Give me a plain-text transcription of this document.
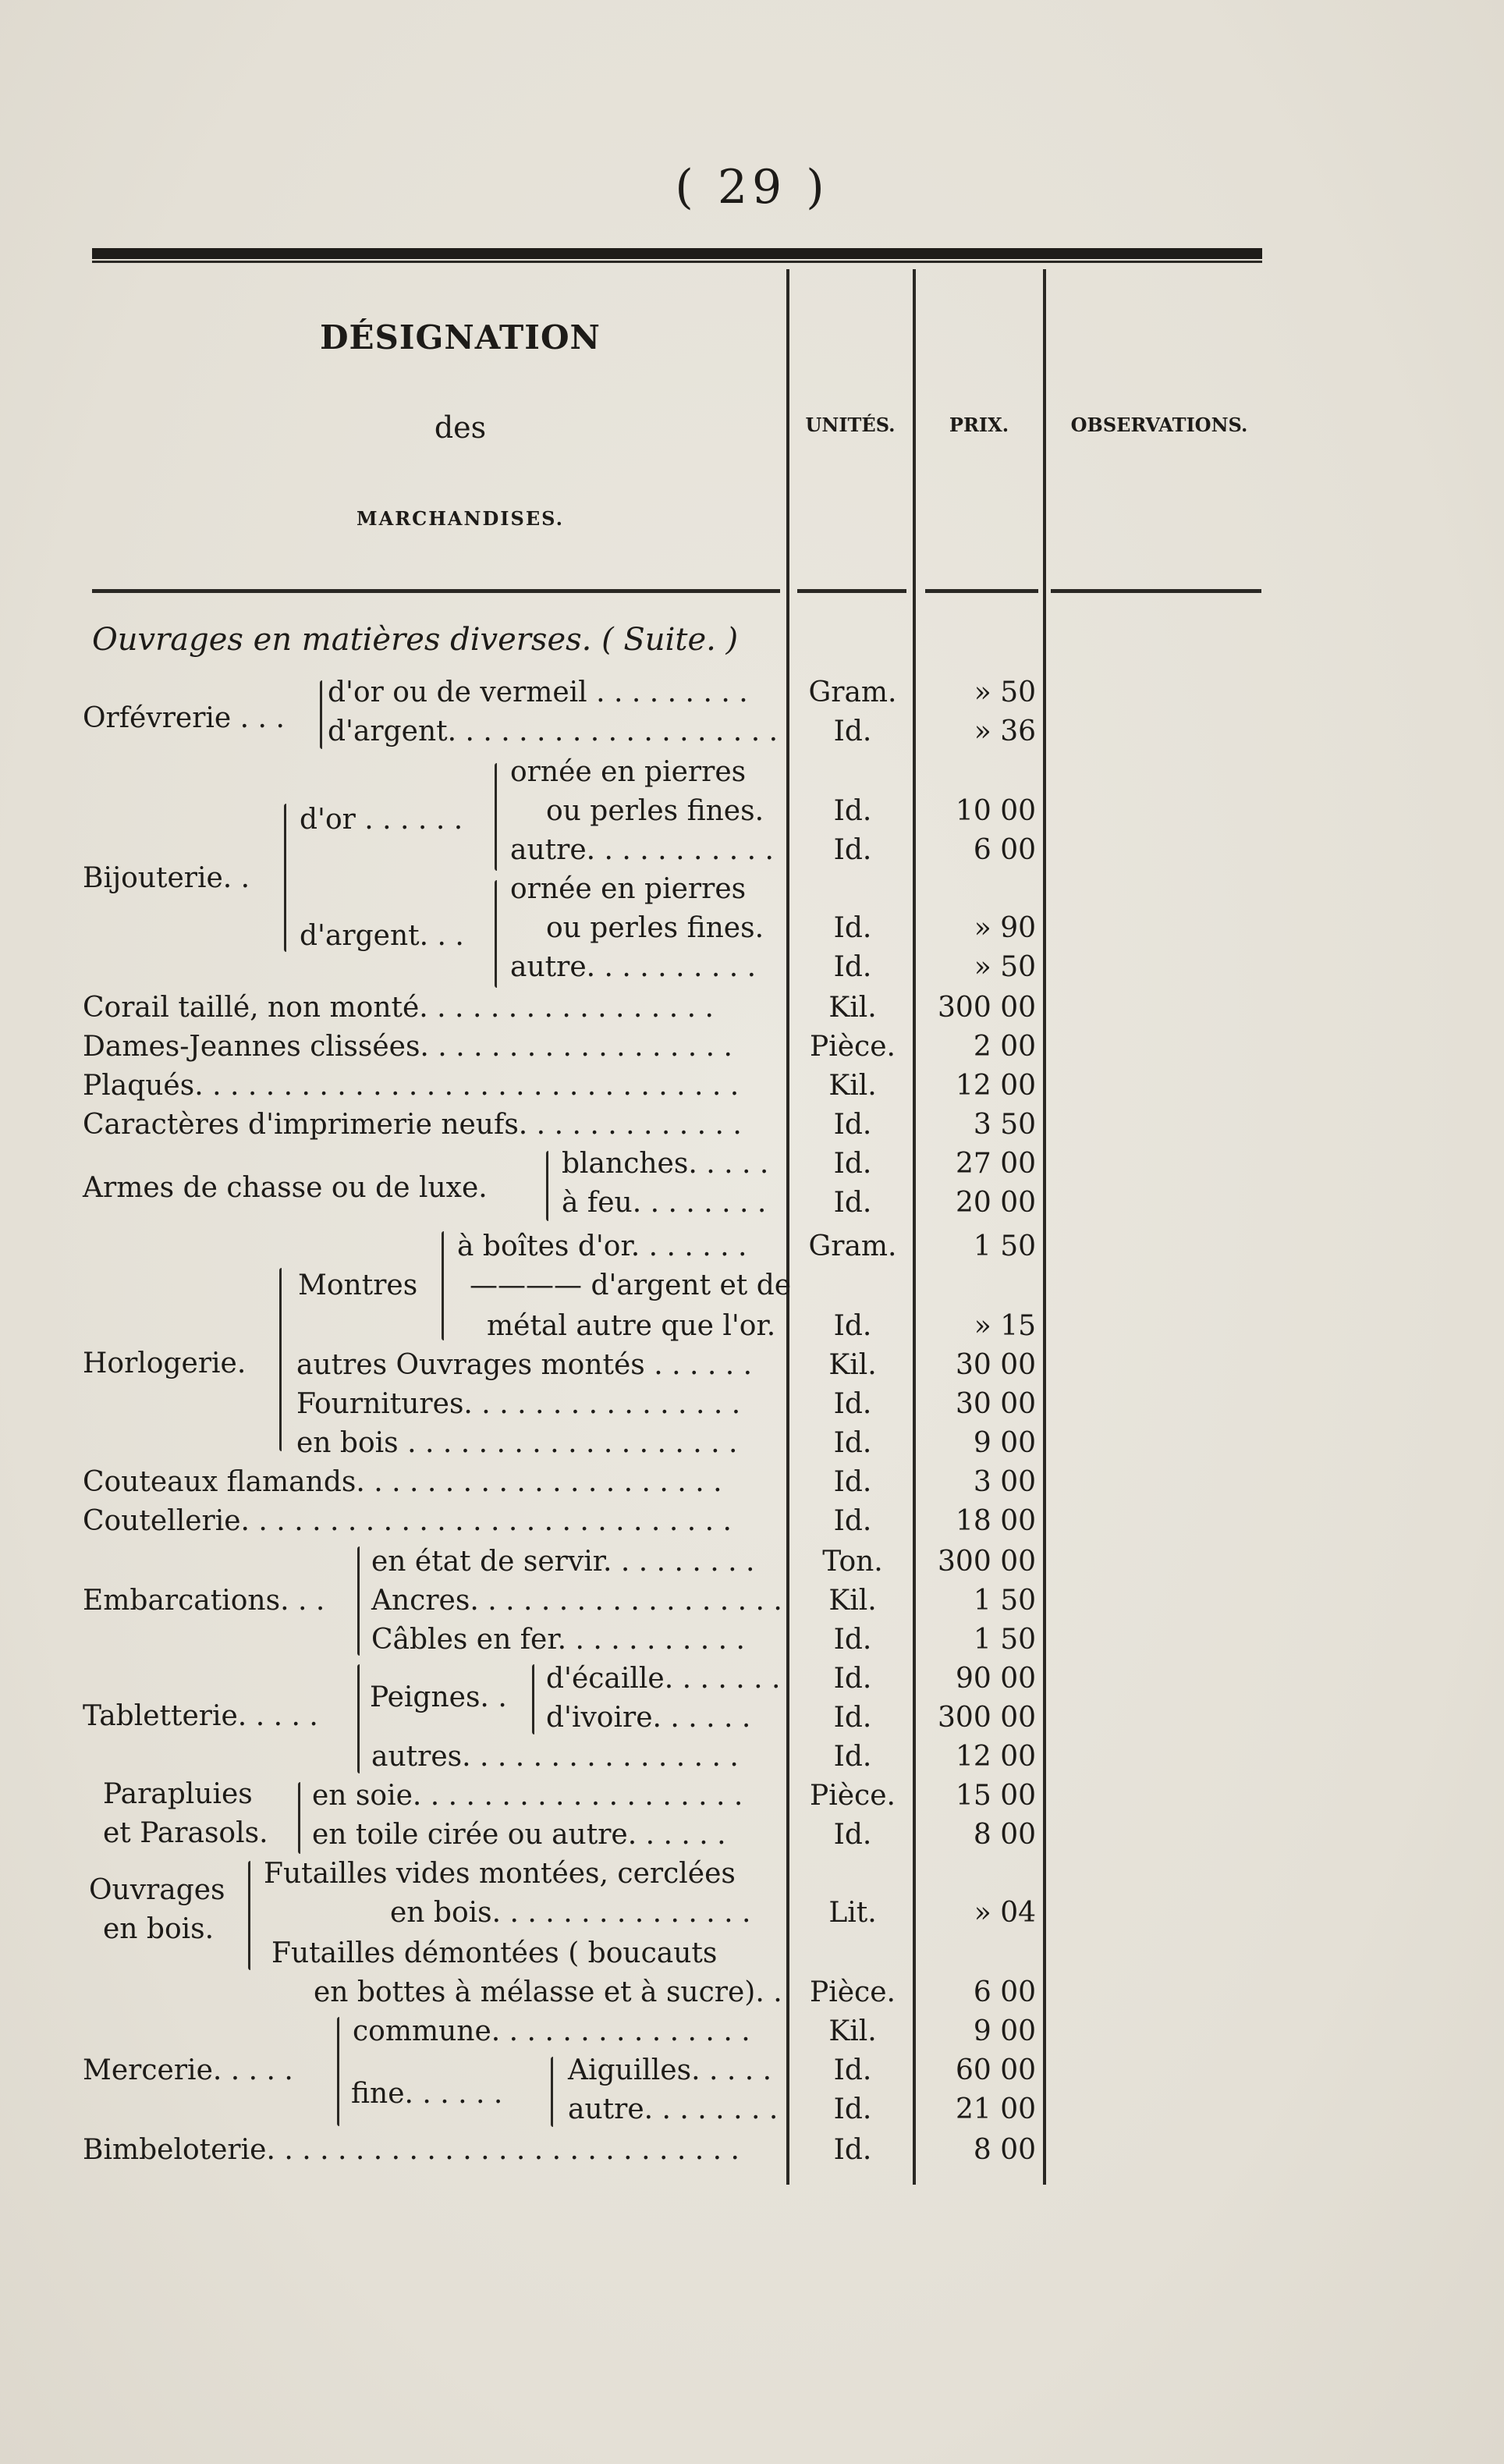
( 29 )
DÉSIGNATION
des
MARCHANDISES.
UNITÉS.	PRIX.	OBSERVATIONS.
Ouvrages en matières diverses. ( Suite. )
Orfévrerie . . .
Bijouterie. .
d'or . . . . . .
d'argent. . .
Armes de chasse ou de luxe.
Horlogerie.
Montres ———— d'argent et de
métal autre que l'or.
Embarcations. . .
Tabletterie. . . . .
Peignes. .
Parapluies
et Parasols.
Ouvrages
en bois.
Mercerie. . . . .
fine. . . . . .
d'or ou de vermeil . . . . . . . . .
d'argent. . . . . . . . . . . . . . . . . . .
ornée en pierres
ou perles fines.
autre. . . . . . . . . . .
ornée en pierres
ou perles fines.
autre. . . . . . . . . .
Corail taillé, non monté. . . . . . . . . . . . . . . . .
Dames-Jeannes clissées. . . . . . . . . . . . . . . . . .
Plaqués. . . . . . . . . . . . . . . . . . . . . . . . . . . . . . .
Caractères d'imprimerie neufs. . . . . . . . . . . . .
blanches. . . . .
à feu. . . . . . . .
à boîtes d'or. . . . . . .
autres Ouvrages montés . . . . . .
Fournitures. . . . . . . . . . . . . . . .
en bois . . . . . . . . . . . . . . . . . . .
Couteaux flamands. . . . . . . . . . . . . . . . . . . . .
Coutellerie. . . . . . . . . . . . . . . . . . . . . . . . . . . .
en état de servir. . . . . . . . .
Ancres. . . . . . . . . . . . . . . . . .
Câbles en fer. . . . . . . . . . .
d'écaille. . . . . . .
d'ivoire. . . . . .
autres. . . . . . . . . . . . . . . .
en soie. . . . . . . . . . . . . . . . . . .
en toile cirée ou autre. . . . . .
Futailles vides montées, cerclées
en bois. . . . . . . . . . . . . . .
Futailles démontées ( boucauts
en bottes à mélasse et à sucre). .
commune. . . . . . . . . . . . . . .
Aiguilles. . . . .
autre. . . . . . . .
Bimbeloterie. . . . . . . . . . . . . . . . . . . . . . . . . . .
Gram.
Id.
Id.
Id.
Id.
Id.
Kil.
Pièce.
Kil.
Id.
Id.
Id.
Gram.
Id.
Kil.
Id.
Id.
Id.
Id.
Ton.
Kil.
Id.
Id.
Id.
Id.
Pièce.
Id.
Lit.
Pièce.
Kil.
Id.
Id.
Id.
» 50
» 36
10 00
6 00
» 90
» 50
300 00
2 00
12 00
3 50
27 00
20 00
1 50
» 15
30 00
30 00
9 00
3 00
18 00
300 00
1 50
1 50
90 00
300 00
12 00
15 00
8 00
» 04
6 00
9 00
60 00
21 00
8 00
